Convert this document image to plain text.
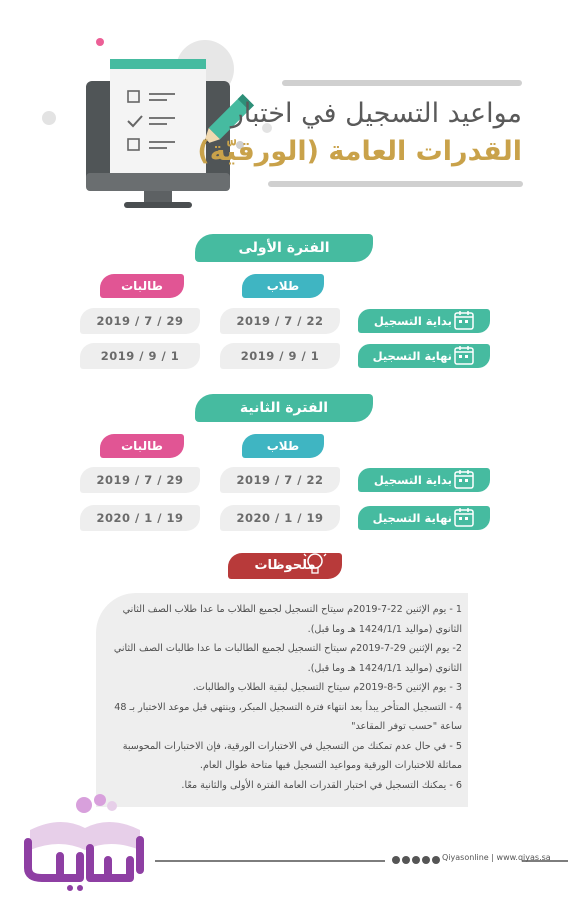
مواعيد التسجيل في اختبار
القدرات العامة (الورقيّة)
الفترة الأولى
طالبات	طلاب
2019 / 7 / 29	2019 / 7 / 22	بداية التسجيل
2019 / 9 / 1	2019 / 9 / 1	نهاية التسجيل
الفترة الثانية
طالبات	طلاب
2019 / 7 / 29	2019 / 7 / 22	بداية التسجيل
2020 / 1 / 19	2020 / 1 / 19	نهاية التسجيل
ملحوظات

1 - يوم الإثنين 22-7-2019م سيتاح التسجيل لجميع الطلاب ما عدا طلاب الصف الثاني الثانوي (مواليد 1424/1/1 هـ وما قبل).

2- يوم الإثنين 29-7-2019م سيتاح التسجيل لجميع الطالبات ما عدا طالبات الصف الثاني الثانوي (مواليد 1424/1/1 هـ وما قبل).

3 - يوم الإثنين 5-8-2019م سيتاح التسجيل لبقية الطلاب والطالبات.

4 - التسجيل المتأخر يبدأ بعد انتهاء فترة التسجيل المبكر، وينتهي قبل موعد الاختبار بـ 48 ساعة "حسب توفر المقاعد"

5 - في حال عدم تمكنك من التسجيل في الاختبارات الورقية، فإن الاختبارات المحوسبة مماثلة للاختبارات الورقية ومواعيد التسجيل فيها متاحة طوال العام.

6 - يمكنك التسجيل في اختبار القدرات العامة الفترة الأولى والثانية معًا.

Qiyasonline | www.qiyas.sa
